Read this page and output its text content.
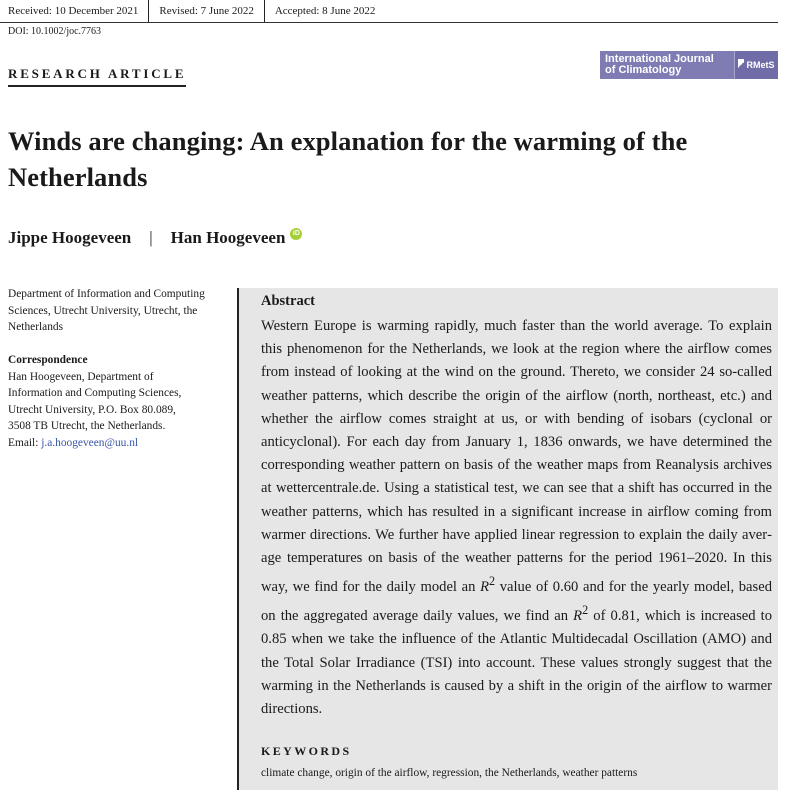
Received: 10 December 2021	Revised: 7 June 2022	Accepted: 8 June 2022
DOI: 10.1002/joc.7763
International Journal
of Climatology	RMetS
RESEARCH ARTICLE
Winds are changing: An explanation for the warming of the Netherlands
Jippe Hoogeveen | Han Hoogeveen	iD
Department of Information and Computing Sciences, Utrecht University, Utrecht, the Netherlands
Correspondence
Han Hoogeveen, Department of
Information and Computing Sciences,
Utrecht University, P.O. Box 80.089,
3508 TB Utrecht, the Netherlands.
Email: j.a.hoogeveen@uu.nl
Abstract

Western Europe is warming rapidly, much faster than the world average. To explain this phenomenon for the Netherlands, we look at the region where the airflow comes from instead of looking at the wind on the ground. Thereto, we consider 24 so-called weather patterns, which describe the origin of the airflow (north, northeast, etc.) and whether the airflow comes straight at us, or with bending of isobars (cyclonal or anticyclonal). For each day from January 1, 1836 onwards, we have determined the corresponding weather pattern on basis of the weather maps from Reanalysis archives at wettercentrale.de. Using a statistical test, we can see that a shift has occurred in the weather patterns, which has resulted in a significant increase in airflow coming from warmer directions. We further have applied linear regression to explain the daily average temperatures on basis of the weather patterns for the period 1961–2020. In this way, we find for the daily model an $R^2$ value of 0.60 and for the yearly model, based on the aggregated average daily values, we find an $R^2$ of 0.81, which is increased to 0.85 when we take the influence of the Atlantic Multidecadal Oscillation (AMO) and the Total Solar Irradiance (TSI) into account. These values strongly suggest that the warming in the Netherlands is caused by a shift in the origin of the airflow to warmer directions.

KEYWORDS
climate change, origin of the airflow, regression, the Netherlands, weather patterns
